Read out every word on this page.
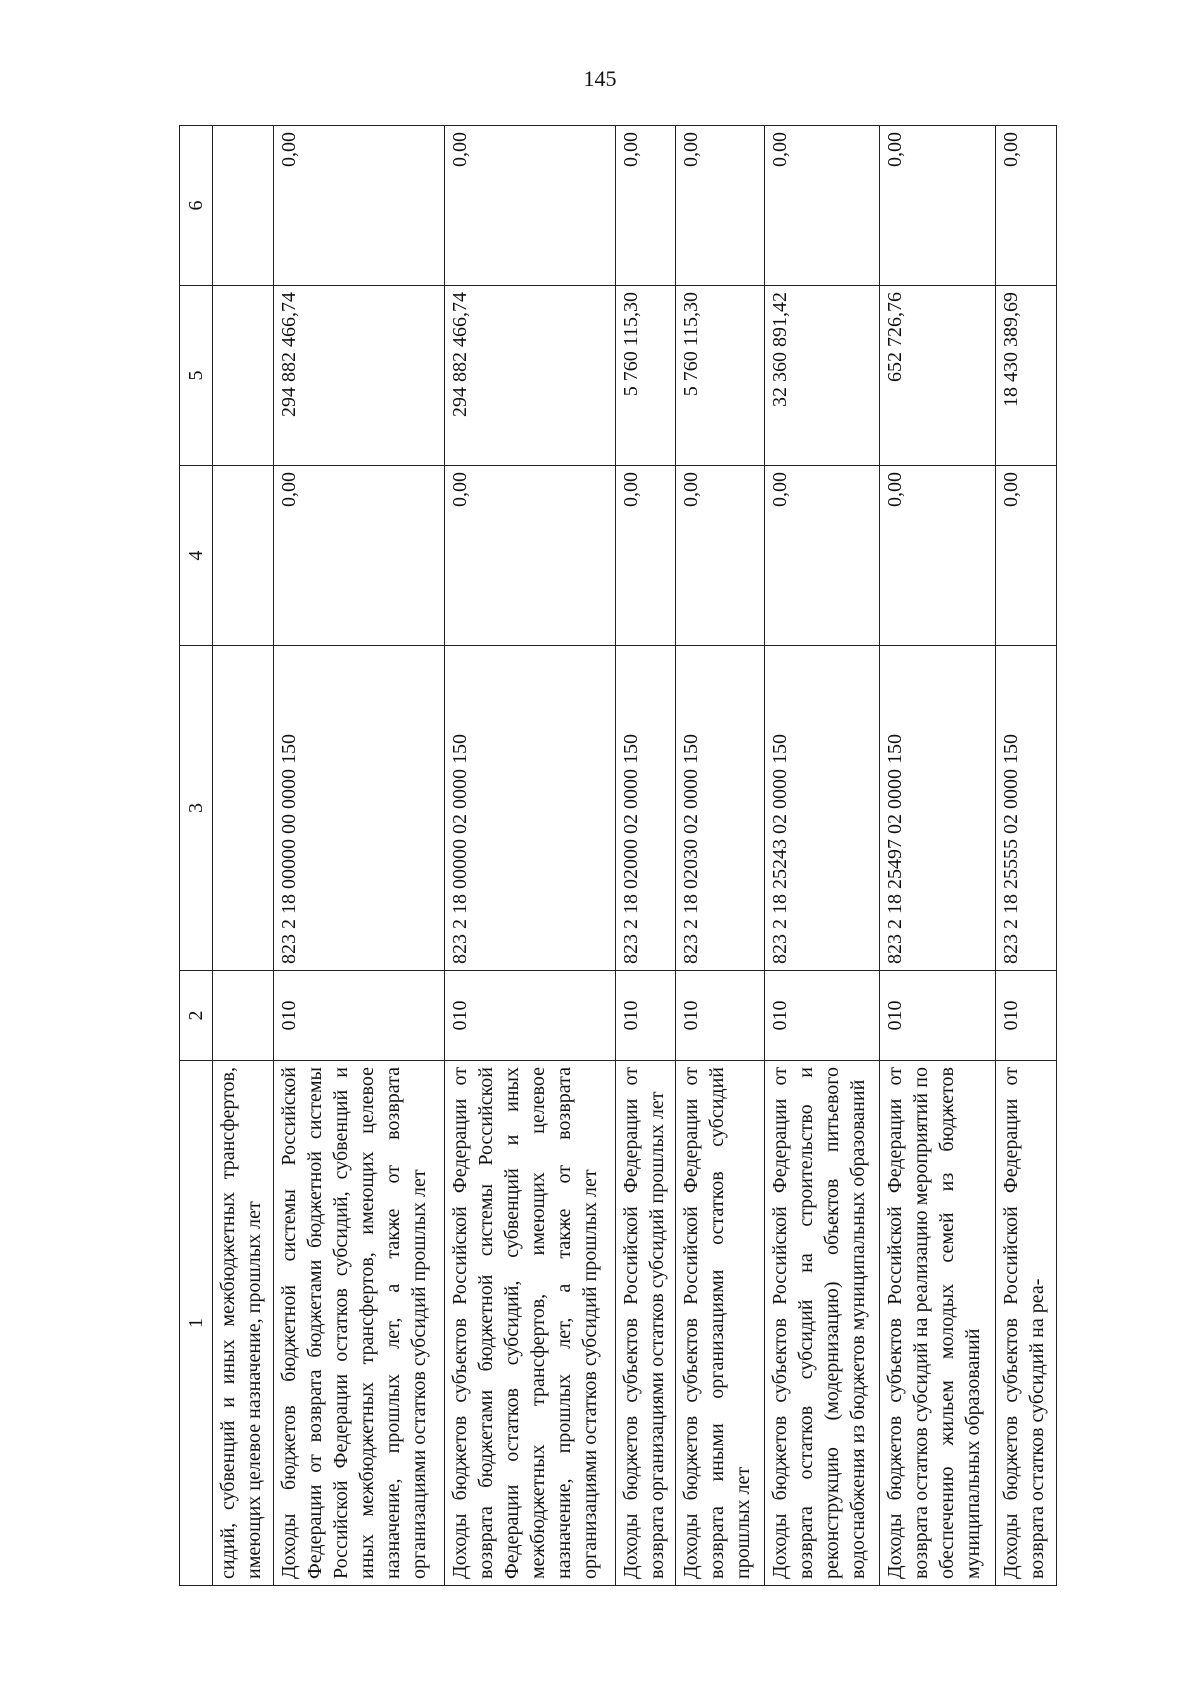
145
1	2	3	4	5	6
сидий, субвенций и иных межбюджетных трансфертов, имеющих целевое назначение, прошлых лет					
Доходы бюджетов бюджетной системы Российской Федерации от возврата бюджетами бюджетной системы Российской Федерации остатков субсидий, субвенций и иных межбюджетных трансфертов, имеющих целевое назначение, прошлых лет, а также от возврата организациями остатков субсидий прошлых лет	010	823 2 18 00000 00 0000 150	0,00	294 882 466,74	0,00
Доходы бюджетов субъектов Российской Федерации от возврата бюджетами бюджетной системы Российской Федерации остатков субсидий, субвенций и иных межбюджетных трансфертов, имеющих целевое назначение, прошлых лет, а также от возврата организациями остатков субсидий прошлых лет	010	823 2 18 00000 02 0000 150	0,00	294 882 466,74	0,00
Доходы бюджетов субъектов Российской Федерации от возврата организациями остатков субсидий прошлых лет	010	823 2 18 02000 02 0000 150	0,00	5 760 115,30	0,00
Доходы бюджетов субъектов Российской Федерации от возврата иными организациями остатков субсидий прошлых лет	010	823 2 18 02030 02 0000 150	0,00	5 760 115,30	0,00
Доходы бюджетов субъектов Российской Федерации от возврата остатков субсидий на строительство и реконструкцию (модернизацию) объектов питьевого водоснабжения из бюджетов муниципальных образований	010	823 2 18 25243 02 0000 150	0,00	32 360 891,42	0,00
Доходы бюджетов субъектов Российской Федерации от возврата остатков субсидий на реализацию мероприятий по обеспечению жильем молодых семей из бюджетов муниципальных образований	010	823 2 18 25497 02 0000 150	0,00	652 726,76	0,00
Доходы бюджетов субъектов Российской Федерации от возврата остатков субсидий на реа-	010	823 2 18 25555 02 0000 150	0,00	18 430 389,69	0,00
